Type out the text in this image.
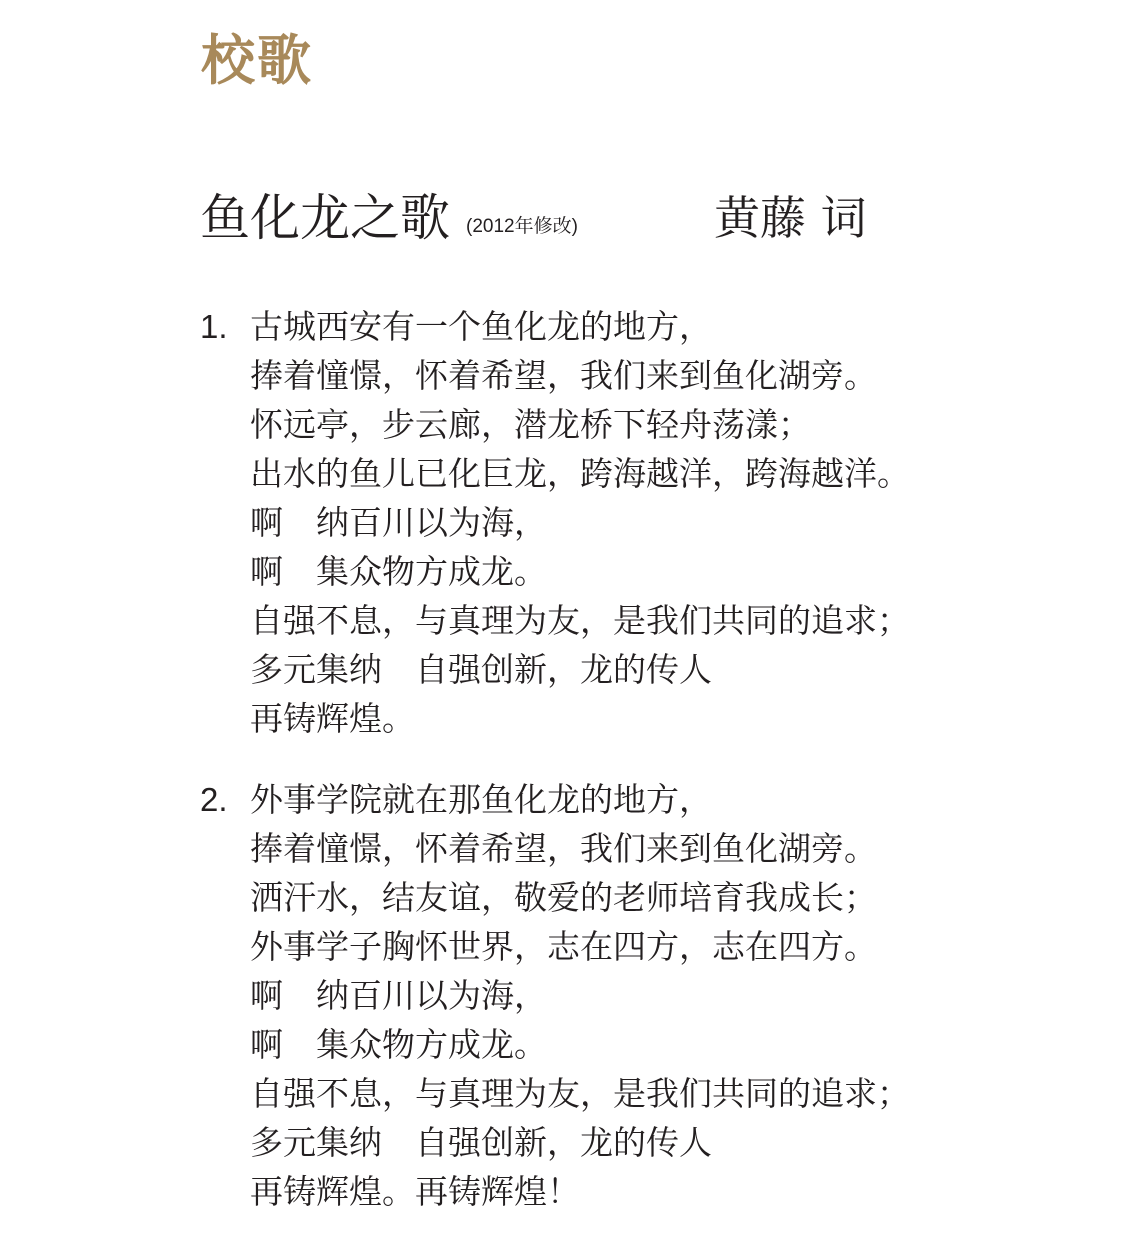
校歌
鱼化龙之歌 (2012年修改)	黄藤 词
1. 古城西安有一个鱼化龙的地方，
捧着憧憬，怀着希望，我们来到鱼化湖旁。
怀远亭，步云廊，潜龙桥下轻舟荡漾；
出水的鱼儿已化巨龙，跨海越洋，跨海越洋。
啊　纳百川以为海，
啊　集众物方成龙。
自强不息，与真理为友，是我们共同的追求；
多元集纳　自强创新，龙的传人
再铸辉煌。
2. 外事学院就在那鱼化龙的地方，
捧着憧憬，怀着希望，我们来到鱼化湖旁。
洒汗水，结友谊，敬爱的老师培育我成长；
外事学子胸怀世界，志在四方，志在四方。
啊　纳百川以为海，
啊　集众物方成龙。
自强不息，与真理为友，是我们共同的追求；
多元集纳　自强创新，龙的传人
再铸辉煌。再铸辉煌！
